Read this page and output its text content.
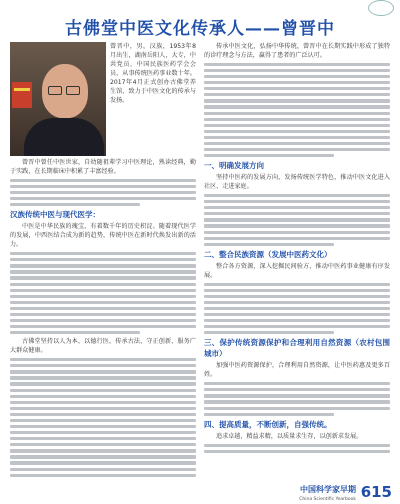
古佛堂中医文化传承人——曾晋中
曾晋中，男，汉族，1953年8月出生，湖南岳阳人，大专，中共党员，中国民族医药学会会员，从事传统医药事业数十年。2017年4月正式创办古佛堂养生馆，致力于中医文化的传承与发扬。

曾晋中曾任中医世家，自幼随祖辈学习中医理论，熟读经典，勤于实践，在长期临床中积累了丰富经验。

汉族传统中医与现代医学：

中医是中华民族的瑰宝，有着数千年的历史积淀。随着现代医学的发展，中西医结合成为新的趋势，传统中医在新时代焕发出新的活力。

古佛堂坚持以人为本，以德行医，传承古法，守正创新，服务广大群众健康。

传承中医文化，弘扬中华传统，曾晋中在长期实践中形成了独特的诊疗理念与方法，赢得了患者的广泛认可。

一、明确发展方向

坚持中医药的发展方向，发扬传统医学特色，推动中医文化进入社区、走进家庭。

二、整合民族资源（发展中医药文化）

整合各方资源，深入挖掘民间验方，推动中医药事业健康有序发展。

三、保护传统资源保护和合理利用自然资源（农村包围城市）

加强中医药资源保护，合理利用自然资源，让中医药惠及更多百姓。

四、提高质量，不断创新，自强传统。

追求卓越，精益求精，以质量求生存，以创新求发展。

中国科学家早期
China Scientific Yearbook 615
